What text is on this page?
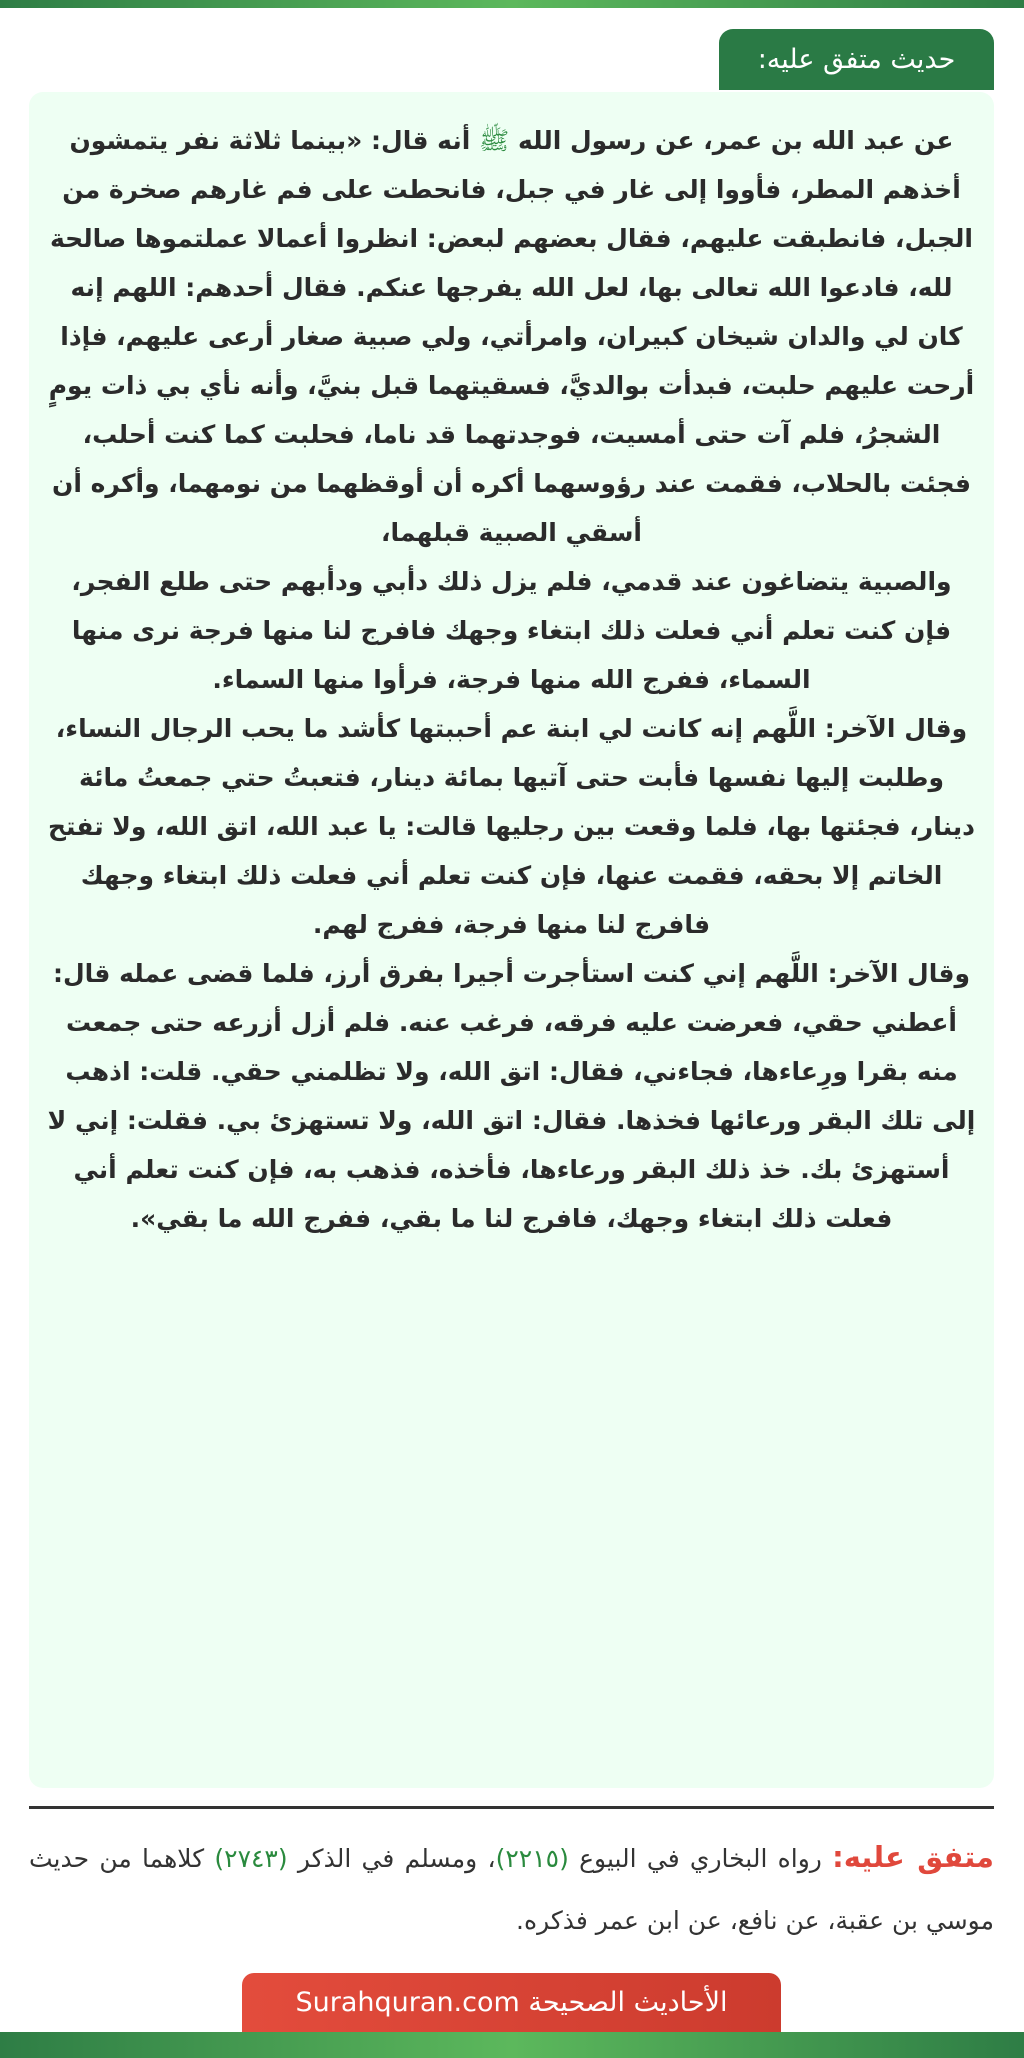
حديث متفق عليه:

عن عبد الله بن عمر، عن رسول الله ﷺ أنه قال: «بينما ثلاثة نفر يتمشون أخذهم المطر، فأووا إلى غار في جبل، فانحطت على فم غارهم صخرة من الجبل، فانطبقت عليهم، فقال بعضهم لبعض: انظروا أعمالا عملتموها صالحة لله، فادعوا الله تعالى بها، لعل الله يفرجها عنكم. فقال أحدهم: اللهم إنه كان لي والدان شيخان كبيران، وامرأتي، ولي صبية صغار أرعى عليهم، فإذا أرحت عليهم حلبت، فبدأت بوالديَّ، فسقيتهما قبل بنيَّ، وأنه نأي بي ذات يومٍ الشجرُ، فلم آت حتى أمسيت، فوجدتهما قد ناما، فحلبت كما كنت أحلب، فجئت بالحلاب، فقمت عند رؤوسهما أكره أن أوقظهما من نومهما، وأكره أن أسقي الصبية قبلهما،

والصبية يتضاغون عند قدمي، فلم يزل ذلك دأبي ودأبهم حتى طلع الفجر، فإن كنت تعلم أني فعلت ذلك ابتغاء وجهك فافرج لنا منها فرجة نرى منها السماء، ففرج الله منها فرجة، فرأوا منها السماء.

وقال الآخر: اللَّهم إنه كانت لي ابنة عم أحببتها كأشد ما يحب الرجال النساء، وطلبت إليها نفسها فأبت حتى آتيها بمائة دينار، فتعبتُ حتي جمعتُ مائة دينار، فجئتها بها، فلما وقعت بين رجليها قالت: يا عبد الله، اتق الله، ولا تفتح الخاتم إلا بحقه، فقمت عنها، فإن كنت تعلم أني فعلت ذلك ابتغاء وجهك فافرج لنا منها فرجة، ففرج لهم.

وقال الآخر: اللَّهم إني كنت استأجرت أجيرا بفرق أرز، فلما قضى عمله قال: أعطني حقي، فعرضت عليه فرقه، فرغب عنه. فلم أزل أزرعه حتى جمعت منه بقرا ورِعاءها، فجاءني، فقال: اتق الله، ولا تظلمني حقي. قلت: اذهب إلى تلك البقر ورعائها فخذها. فقال: اتق الله، ولا تستهزئ بي. فقلت: إني لا أستهزئ بك. خذ ذلك البقر ورعاءها، فأخذه، فذهب به، فإن كنت تعلم أني فعلت ذلك ابتغاء وجهك، فافرج لنا ما بقي، ففرج الله ما بقي».

متفق عليه: رواه البخاري في البيوع (٢٢١٥)، ومسلم في الذكر (٢٧٤٣) كلاهما من حديث موسي بن عقبة، عن نافع، عن ابن عمر فذكره.
الأحاديث الصحيحة Surahquran.com
